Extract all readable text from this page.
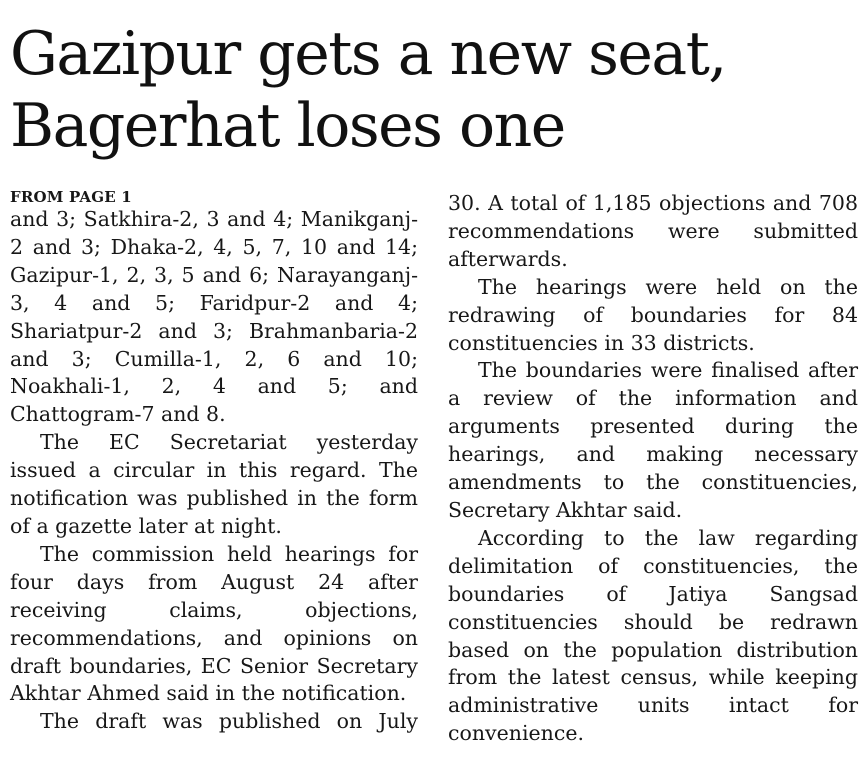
Gazipur gets a new seat,
Bagerhat loses one
FROM PAGE 1

and 3; Satkhira-2, 3 and 4; Manikganj-2 and 3; Dhaka-2, 4, 5, 7, 10 and 14; Gazipur-1, 2, 3, 5 and 6; Narayanganj-3, 4 and 5; Faridpur-2 and 4; Shariatpur-2 and 3; Brahmanbaria-2 and 3; Cumilla-1, 2, 6 and 10; Noakhali-1, 2, 4 and 5; and Chattogram-7 and 8.

The EC Secretariat yesterday issued a circular in this regard. The notification was published in the form of a gazette later at night.

The commission held hearings for four days from August 24 after receiving claims, objections, recommendations, and opinions on draft boundaries, EC Senior Secretary Akhtar Ahmed said in the notification.

The draft was published on July

30. A total of 1,185 objections and 708 recommendations were submitted afterwards.

The hearings were held on the redrawing of boundaries for 84 constituencies in 33 districts.

The boundaries were finalised after a review of the information and arguments presented during the hearings, and making necessary amendments to the constituencies, Secretary Akhtar said.

According to the law regarding delimitation of constituencies, the boundaries of Jatiya Sangsad constituencies should be redrawn based on the population distribution from the latest census, while keeping administrative units intact for convenience.
